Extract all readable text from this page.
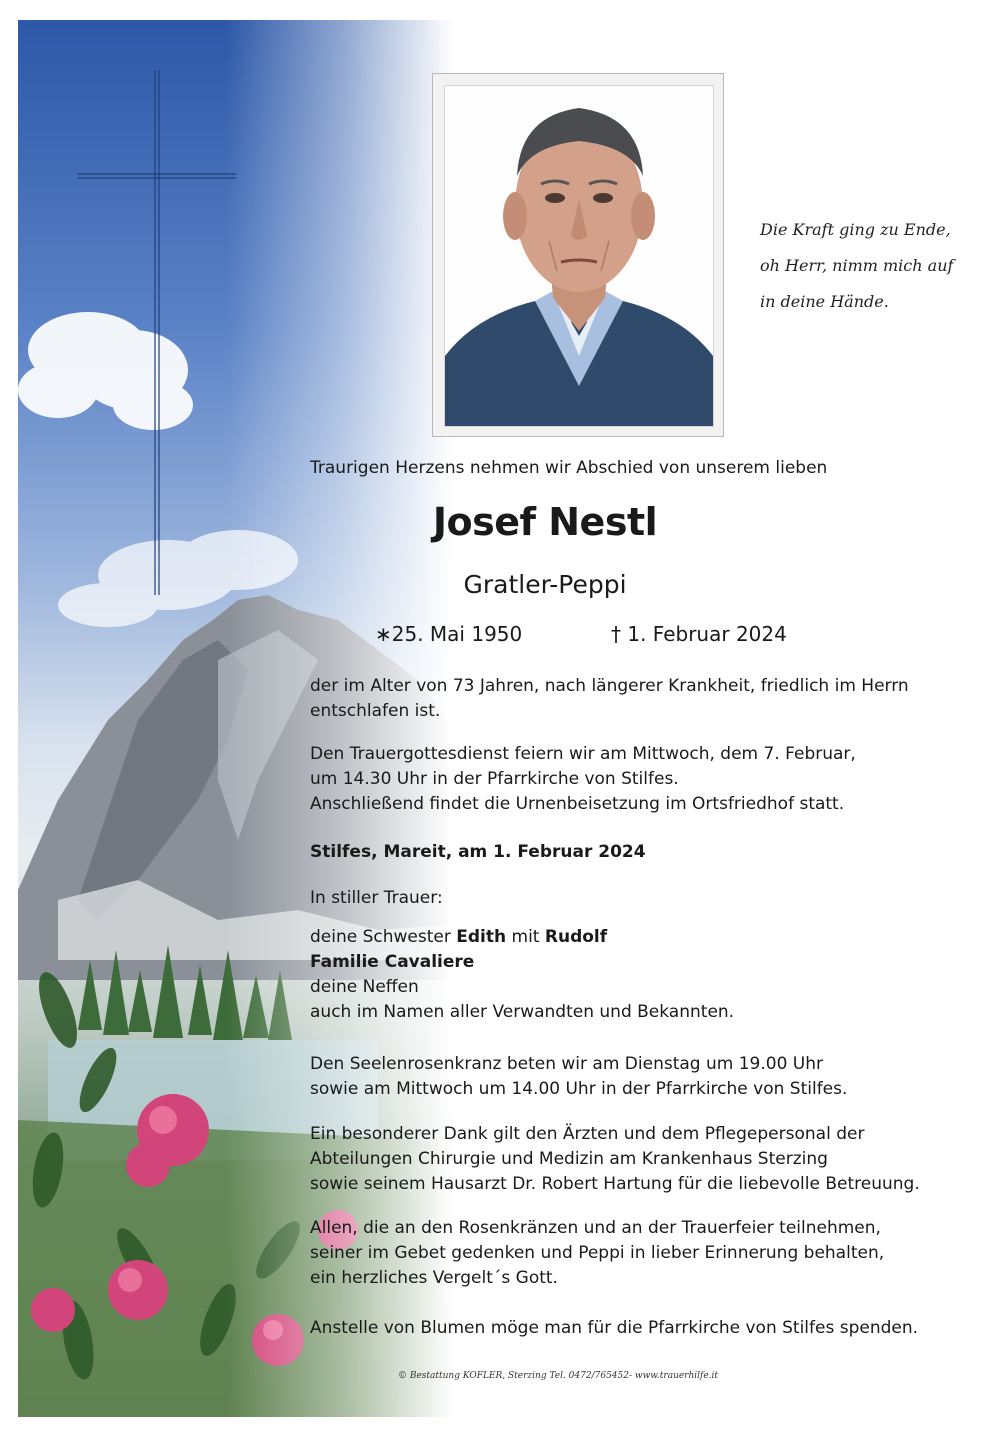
Die Kraft ging zu Ende,
oh Herr, nimm mich auf
in deine Hände.
Traurigen Herzens nehmen wir Abschied von unserem lieben
Josef Nestl
Gratler-Peppi
∗25. Mai 1950	† 1. Februar 2024
der im Alter von 73 Jahren, nach längerer Krankheit, friedlich im Herrn
entschlafen ist.
Den Trauergottesdienst feiern wir am Mittwoch, dem 7. Februar,
um 14.30 Uhr in der Pfarrkirche von Stilfes.
Anschließend findet die Urnenbeisetzung im Ortsfriedhof statt.
Stilfes, Mareit, am 1. Februar 2024
In stiller Trauer:
deine Schwester Edith mit Rudolf
Familie Cavaliere
deine Neffen
auch im Namen aller Verwandten und Bekannten.
Den Seelenrosenkranz beten wir am Dienstag um 19.00 Uhr
sowie am Mittwoch um 14.00 Uhr in der Pfarrkirche von Stilfes.
Ein besonderer Dank gilt den Ärzten und dem Pflegepersonal der
Abteilungen Chirurgie und Medizin am Krankenhaus Sterzing
sowie seinem Hausarzt Dr. Robert Hartung für die liebevolle Betreuung.
Allen, die an den Rosenkränzen und an der Trauerfeier teilnehmen,
seiner im Gebet gedenken und Peppi in lieber Erinnerung behalten,
ein herzliches Vergelt´s Gott.
Anstelle von Blumen möge man für die Pfarrkirche von Stilfes spenden.
© Bestattung KOFLER, Sterzing Tel. 0472/765452- www.trauerhilfe.it
